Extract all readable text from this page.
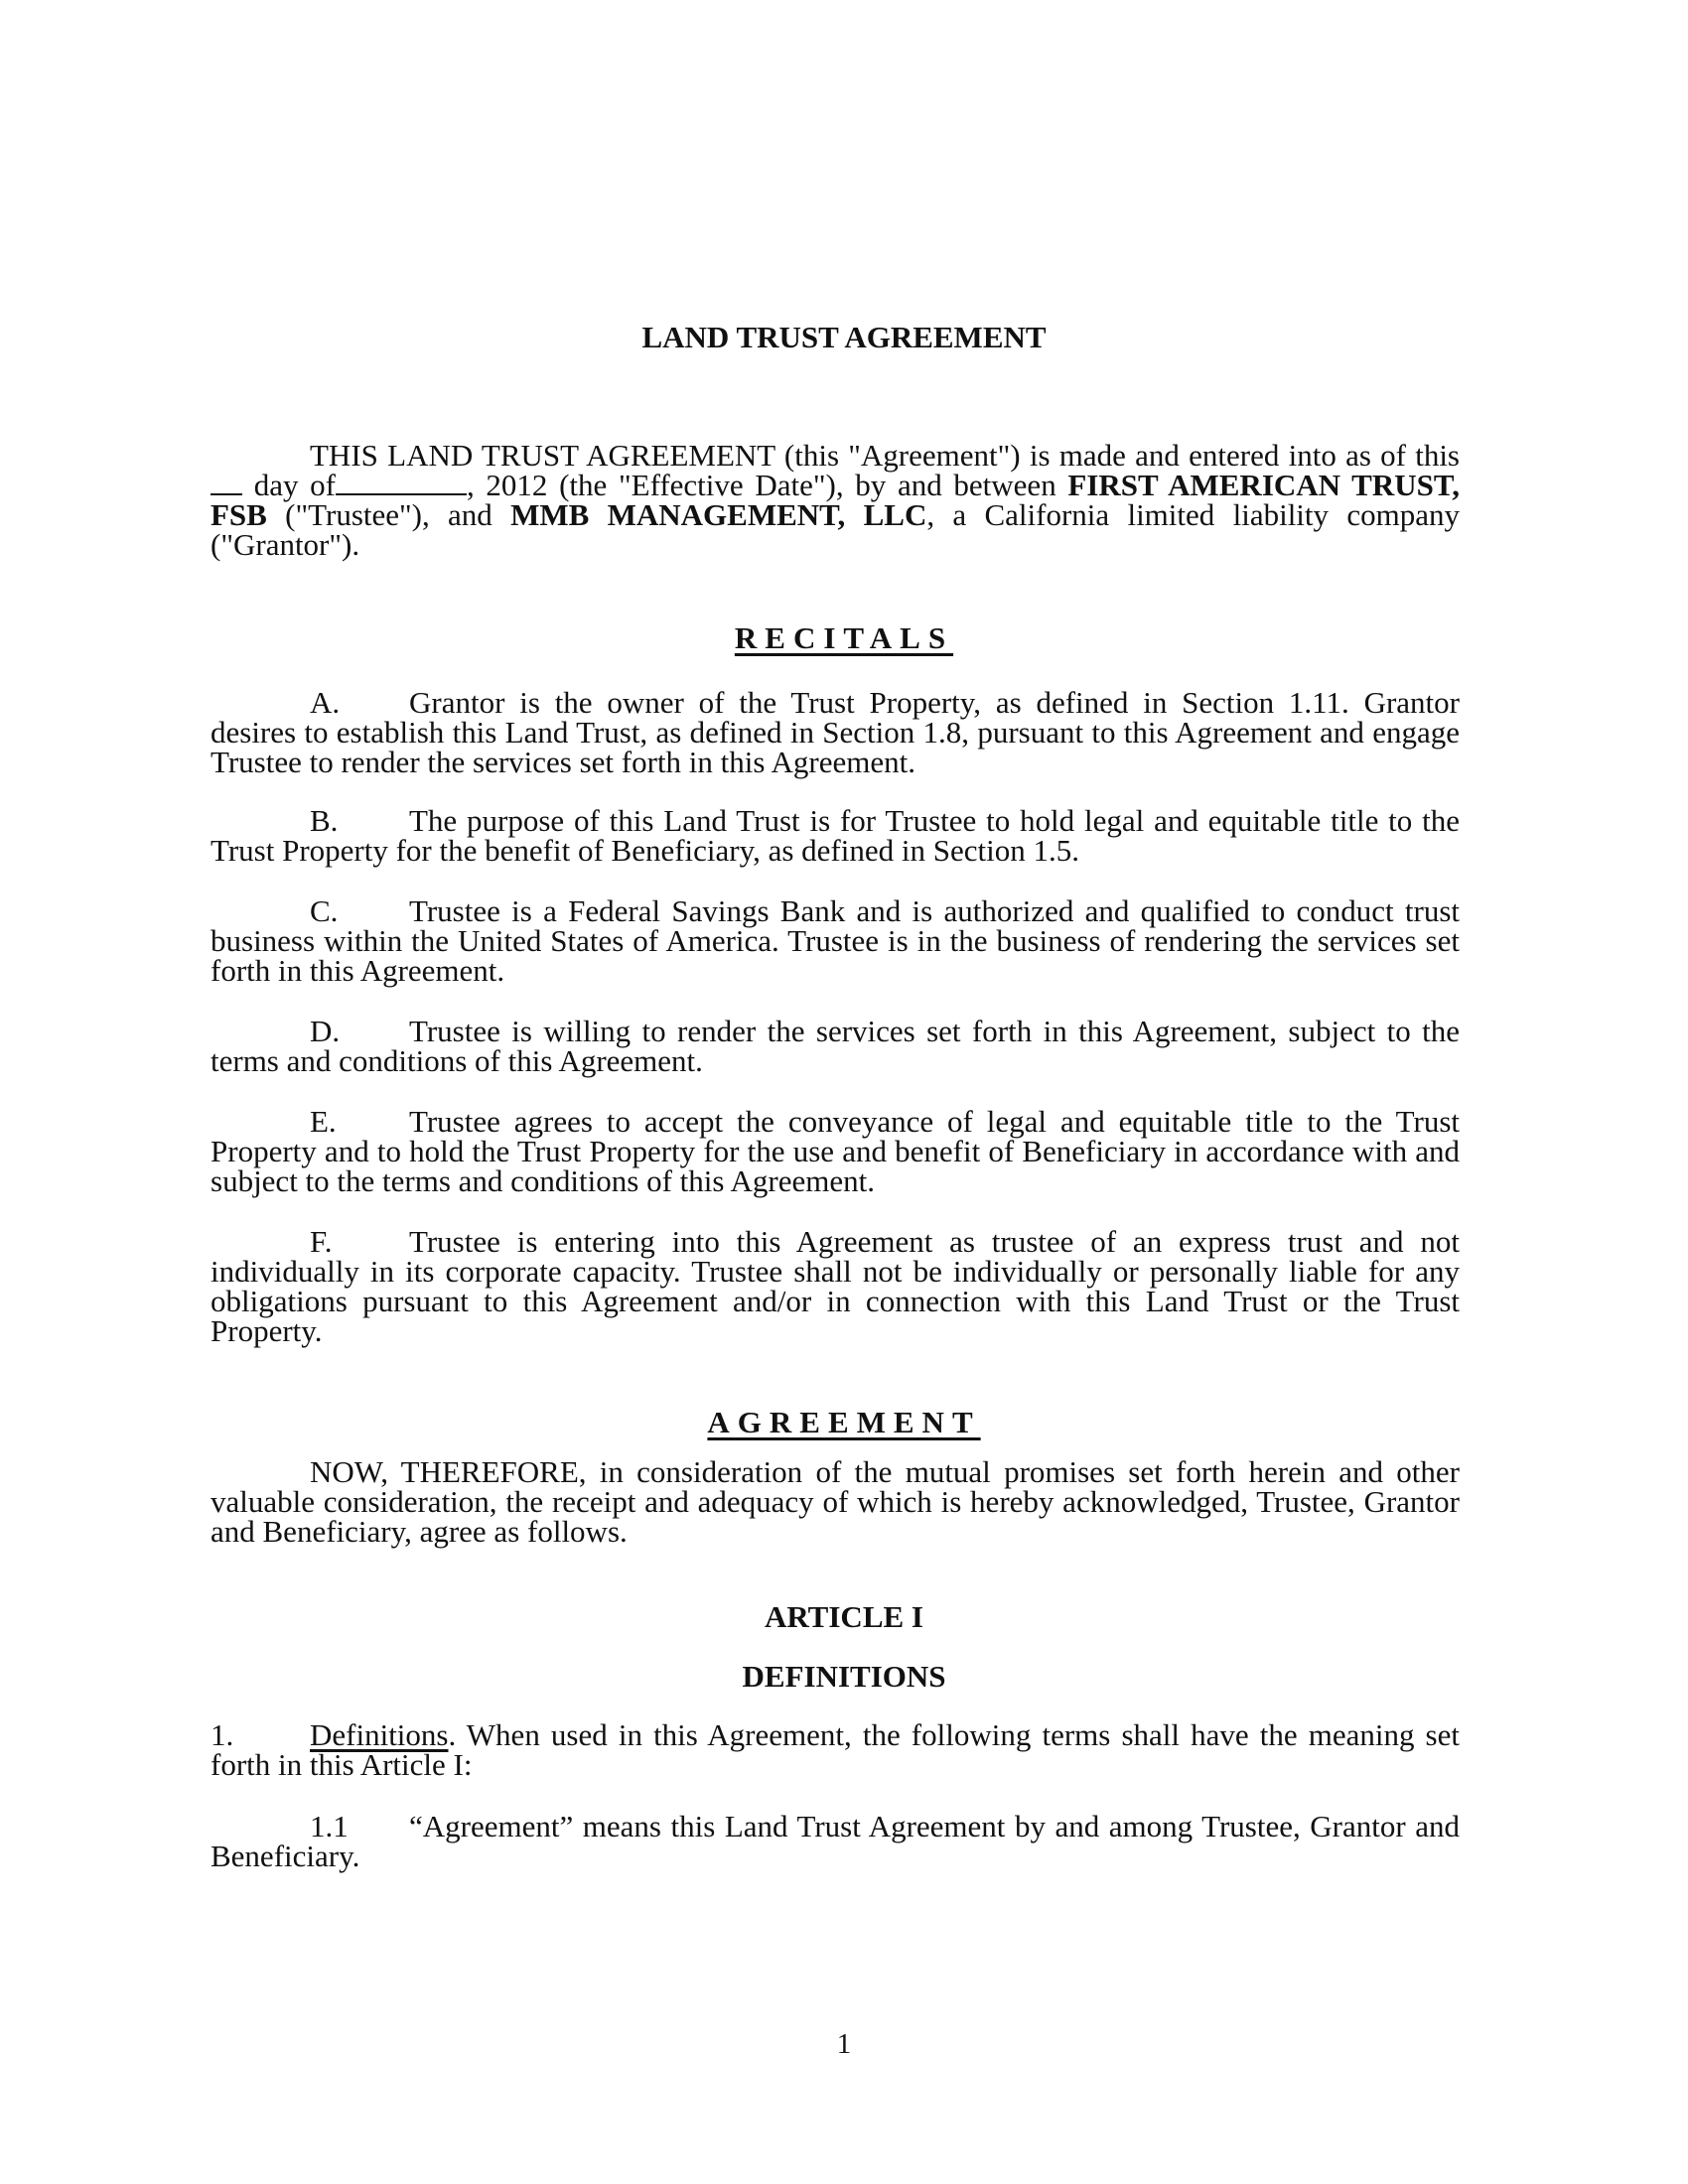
LAND TRUST AGREEMENT
THIS LAND TRUST AGREEMENT (this "Agreement") is made and entered into as of this  day of	, 2012 (the "Effective Date"), by and between FIRST AMERICAN TRUST, FSB ("Trustee"), and MMB MANAGEMENT, LLC, a California limited liability company ("Grantor").
RECITALS
A. Grantor is the owner of the Trust Property, as defined in Section 1.11. Grantor desires to establish this Land Trust, as defined in Section 1.8, pursuant to this Agreement and engage Trustee to render the services set forth in this Agreement.
B. The purpose of this Land Trust is for Trustee to hold legal and equitable title to the Trust Property for the benefit of Beneficiary, as defined in Section 1.5.
C. Trustee is a Federal Savings Bank and is authorized and qualified to conduct trust business within the United States of America. Trustee is in the business of rendering the services set forth in this Agreement.
D. Trustee is willing to render the services set forth in this Agreement, subject to the terms and conditions of this Agreement.
E. Trustee agrees to accept the conveyance of legal and equitable title to the Trust Property and to hold the Trust Property for the use and benefit of Beneficiary in accordance with and subject to the terms and conditions of this Agreement.
F. Trustee is entering into this Agreement as trustee of an express trust and not individually in its corporate capacity. Trustee shall not be individually or personally liable for any obligations pursuant to this Agreement and/or in connection with this Land Trust or the Trust Property.
AGREEMENT
NOW, THEREFORE, in consideration of the mutual promises set forth herein and other valuable consideration, the receipt and adequacy of which is hereby acknowledged, Trustee, Grantor and Beneficiary, agree as follows.
ARTICLE I
DEFINITIONS
1. Definitions. When used in this Agreement, the following terms shall have the meaning set forth in this Article I:
1.1 “Agreement” means this Land Trust Agreement by and among Trustee, Grantor and Beneficiary.
1
